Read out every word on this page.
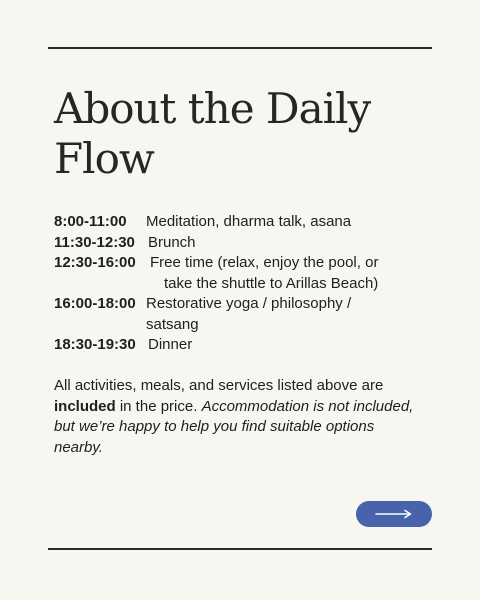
About the Daily Flow
8:00-11:00	Meditation, dharma talk, asana
11:30-12:30 Brunch
12:30-16:00 Free time (relax, enjoy the pool, or
take the shuttle to Arillas Beach)
16:00-18:00 Restorative yoga / philosophy /
satsang
18:30-19:30 Dinner

All activities, meals, and services listed above are included in the price. Accommodation is not included, but we’re happy to help you find suitable options nearby.
